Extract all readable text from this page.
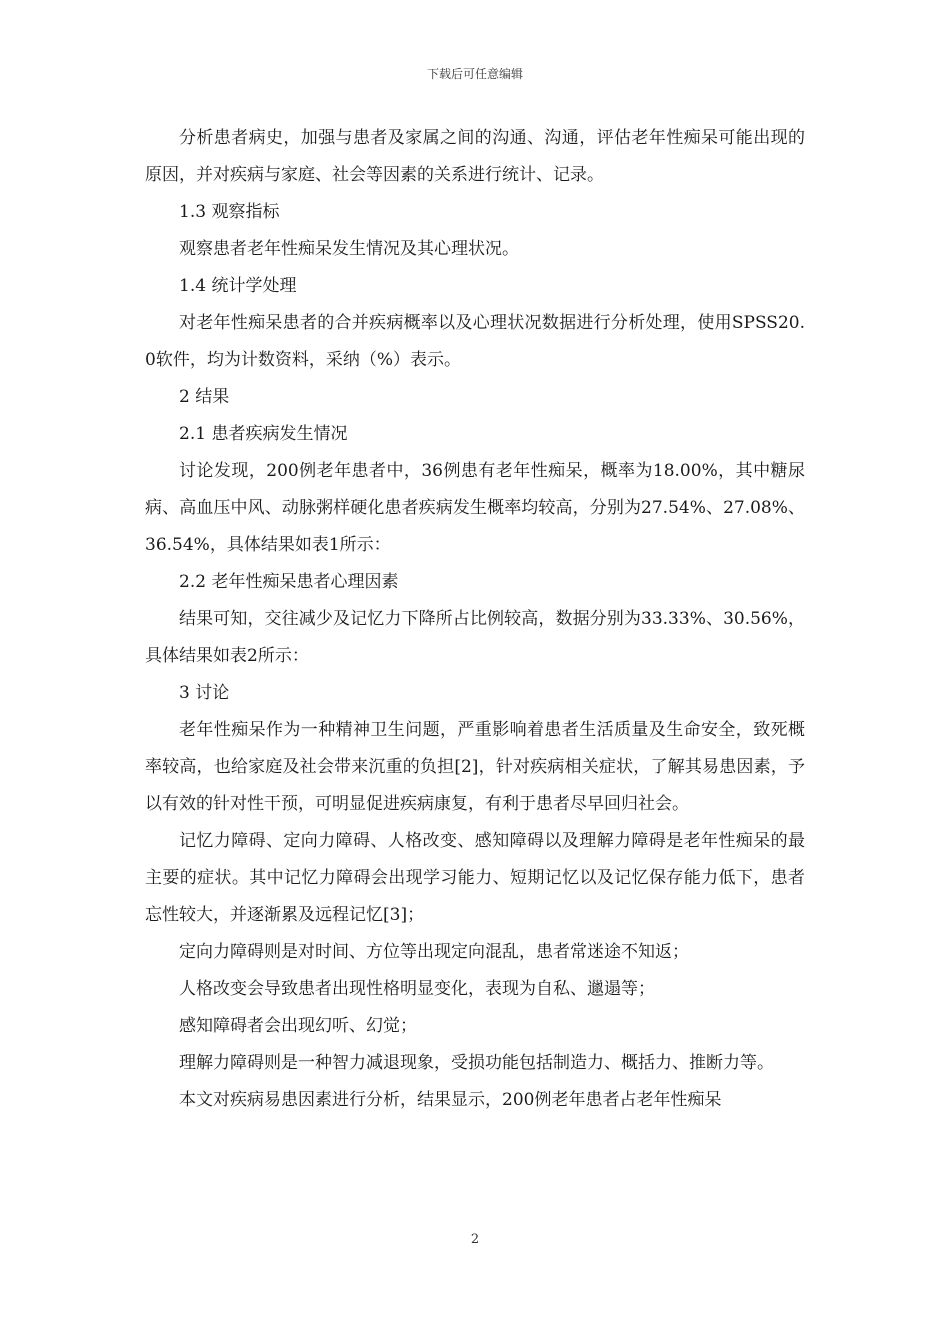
下载后可任意编辑

分析患者病史，加强与患者及家属之间的沟通、沟通，评估老年性痴呆可能出现的原因，并对疾病与家庭、社会等因素的关系进行统计、记录。

1.3 观察指标

观察患者老年性痴呆发生情况及其心理状况。

1.4 统计学处理

对老年性痴呆患者的合并疾病概率以及心理状况数据进行分析处理，使用SPSS20.0软件，均为计数资料，采纳（%）表示。

2 结果

2.1 患者疾病发生情况

讨论发现，200例老年患者中，36例患有老年性痴呆，概率为18.00%，其中糖尿病、高血压中风、动脉粥样硬化患者疾病发生概率均较高，分别为27.54%、27.08%、36.54%，具体结果如表1所示：

2.2 老年性痴呆患者心理因素

结果可知，交往减少及记忆力下降所占比例较高，数据分别为33.33%、30.56%，具体结果如表2所示：

3 讨论

老年性痴呆作为一种精神卫生问题，严重影响着患者生活质量及生命安全，致死概率较高，也给家庭及社会带来沉重的负担[2]，针对疾病相关症状，了解其易患因素，予以有效的针对性干预，可明显促进疾病康复，有利于患者尽早回归社会。

记忆力障碍、定向力障碍、人格改变、感知障碍以及理解力障碍是老年性痴呆的最主要的症状。其中记忆力障碍会出现学习能力、短期记忆以及记忆保存能力低下，患者忘性较大，并逐渐累及远程记忆[3]；

定向力障碍则是对时间、方位等出现定向混乱，患者常迷途不知返；

人格改变会导致患者出现性格明显变化，表现为自私、邋遢等；

感知障碍者会出现幻听、幻觉；

理解力障碍则是一种智力减退现象，受损功能包括制造力、概括力、推断力等。

本文对疾病易患因素进行分析，结果显示，200例老年患者占老年性痴呆

2
